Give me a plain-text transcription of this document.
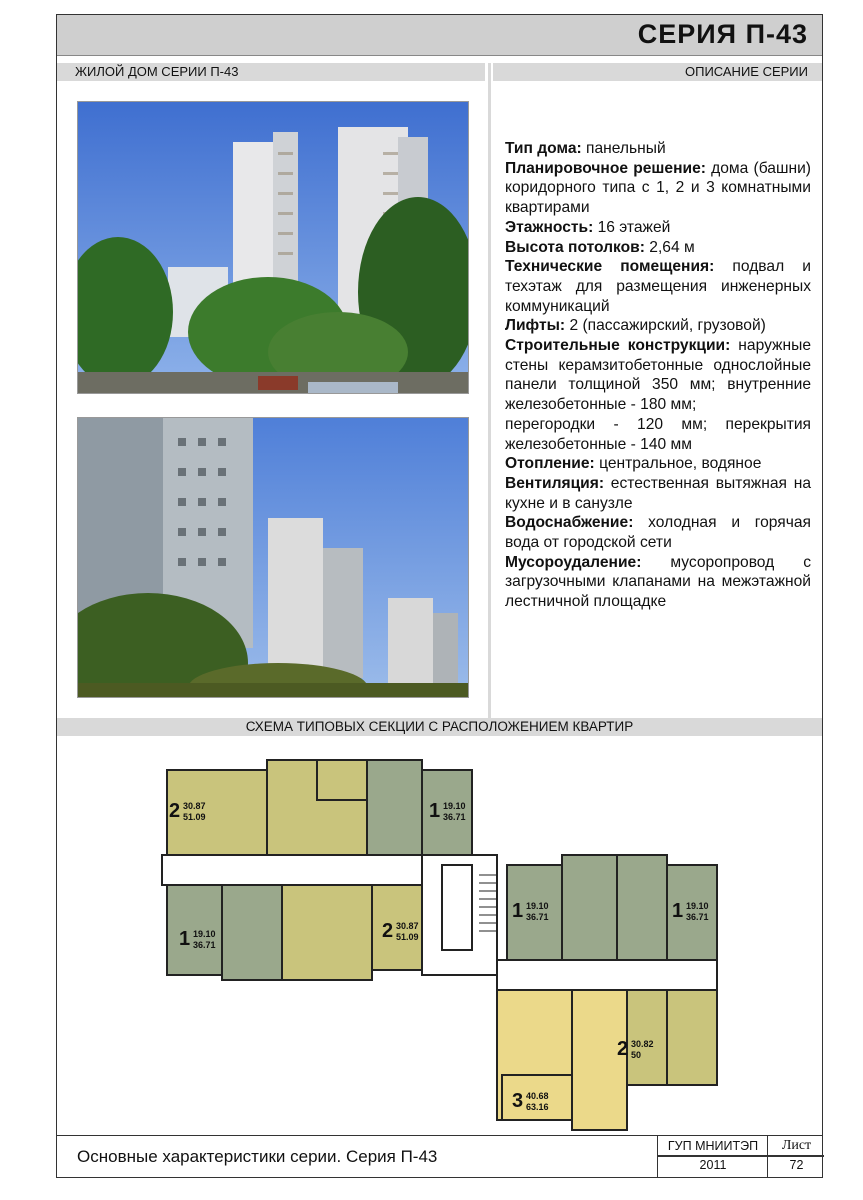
СЕРИЯ П-43
ЖИЛОЙ ДОМ СЕРИИ П-43	ОПИСАНИЕ СЕРИИ

Тип дома: панельный

Планировочное решение: дома (башни) коридорного типа с 1, 2 и 3 комнатными квартирами

Этажность: 16 этажей

Высота потолков: 2,64 м

Технические помещения: подвал и техэтаж для размещения инженерных коммуникаций

Лифты: 2 (пассажирский, грузовой)

Строительные конструкции: наружные стены керамзитобетонные однослойные панели толщиной 350 мм; внутренние железобетонные - 180 мм;

перегородки - 120 мм; перекрытия железобетонные - 140 мм

Отопление: центральное, водяное

Вентиляция: естественная вытяжная на кухне и в санузле

Водоснабжение: холодная и горячая вода от городской сети

Мусороудаление: мусоропровод с загрузочными клапанами на межэтажной лестничной площадке

СХЕМА ТИПОВЫХ СЕКЦИИ С РАСПОЛОЖЕНИЕМ КВАРТИР
2 30.87
51.09	1 19.10
36.71
1 19.10
36.71
2 30.87
51.09
1 19.10
36.71	1 19.10
36.71
2 30.82
50
3 40.68
63.16
Основные характеристики серии. Серия П-43
ГУП МНИИТЭП
2011
Лист
72
